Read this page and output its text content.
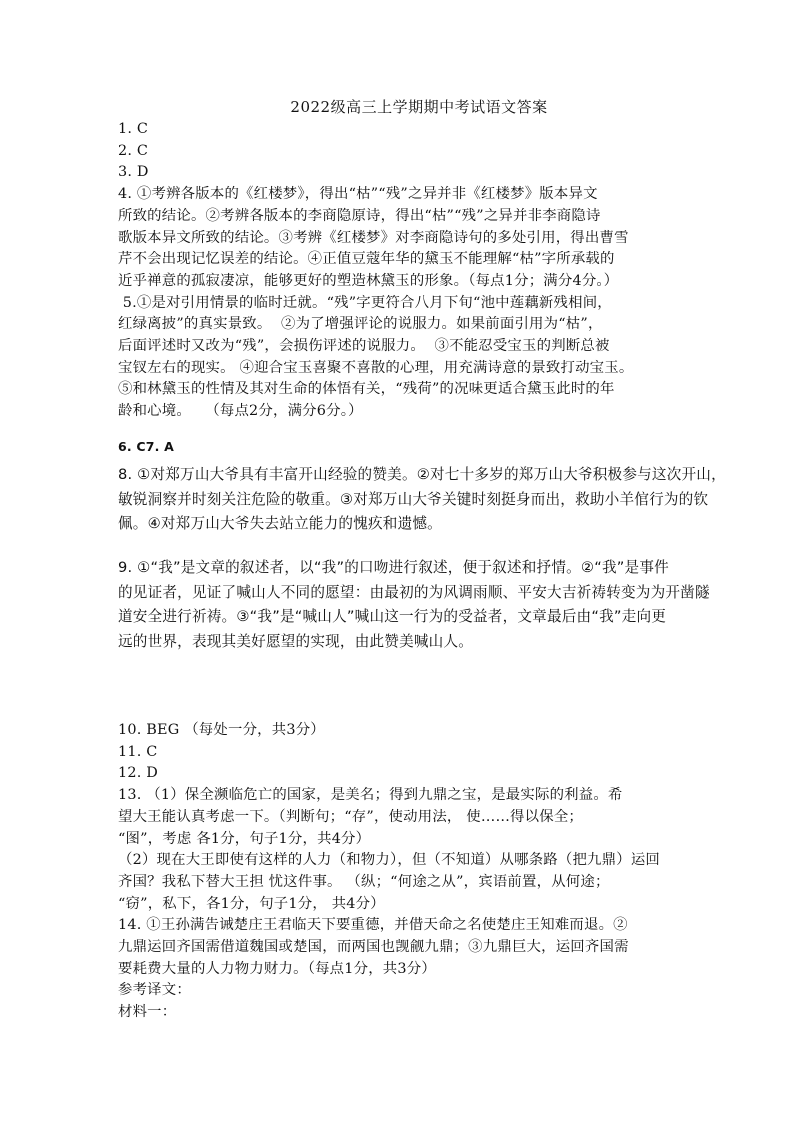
2022级高三上学期期中考试语文答案
1. C
2. C
3. D
4. ①考辨各版本的《红楼梦》，得出“枯”“残”之异并非《红楼梦》版本异文
所致的结论。②考辨各版本的李商隐原诗，得出“枯”“残”之异并非李商隐诗
歌版本异文所致的结论。③考辨《红楼梦》对李商隐诗句的多处引用，得出曹雪
芹不会出现记忆误差的结论。④正值豆蔻年华的黛玉不能理解“枯”字所承载的
近乎禅意的孤寂凄凉，能够更好的塑造林黛玉的形象。（每点1分；满分4分。）
5.①是对引用情景的临时迁就。“残”字更符合八月下旬“池中莲藕新残相间，
红绿离披”的真实景致。  ②为了增强评论的说服力。如果前面引用为“枯”，
后面评述时又改为“残”，会损伤评述的说服力。  ③不能忍受宝玉的判断总被
宝钗左右的现实。 ④迎合宝玉喜聚不喜散的心理，用充满诗意的景致打动宝玉。
⑤和林黛玉的性情及其对生命的体悟有关，“残荷”的况味更适合黛玉此时的年
龄和心境。   （每点2分，满分6分。）
6. C7. A
8. ①对郑万山大爷具有丰富开山经验的赞美。②对七十多岁的郑万山大爷积极参与这次开山，
敏锐洞察并时刻关注危险的敬重。③对郑万山大爷关键时刻挺身而出，救助小羊倌行为的钦
佩。④对郑万山大爷失去站立能力的愧疚和遗憾。
9. ①“我”是文章的叙述者，以“我”的口吻进行叙述，便于叙述和抒情。②“我”是事件
的见证者，见证了喊山人不同的愿望：由最初的为风调雨顺、平安大吉祈祷转变为为开凿隧
道安全进行祈祷。③“我”是“喊山人”喊山这一行为的受益者，文章最后由“我”走向更
远的世界，表现其美好愿望的实现，由此赞美喊山人。
10. BEG （每处一分，共3分）
11. C
12. D
13. （1）保全濒临危亡的国家，是美名；得到九鼎之宝，是最实际的利益。希
望大王能认真考虑一下。（判断句；“存”，使动用法， 使……得以保全；
“图”，考虑 各1分，句子1分，共4分）
（2）现在大王即使有这样的人力（和物力），但（不知道）从哪条路（把九鼎）运回
齐国？我私下替大王担 忧这件事。 （纵；“何途之从”，宾语前置，从何途；
“窃”，私下，各1分，句子1分， 共4分）
14. ①王孙满告诫楚庄王君临天下要重德，并借天命之名使楚庄王知难而退。②
九鼎运回齐国需借道魏国或楚国，而两国也觊觎九鼎；③九鼎巨大，运回齐国需
要耗费大量的人力物力财力。（每点1分，共3分）
参考译文：
材料一：
